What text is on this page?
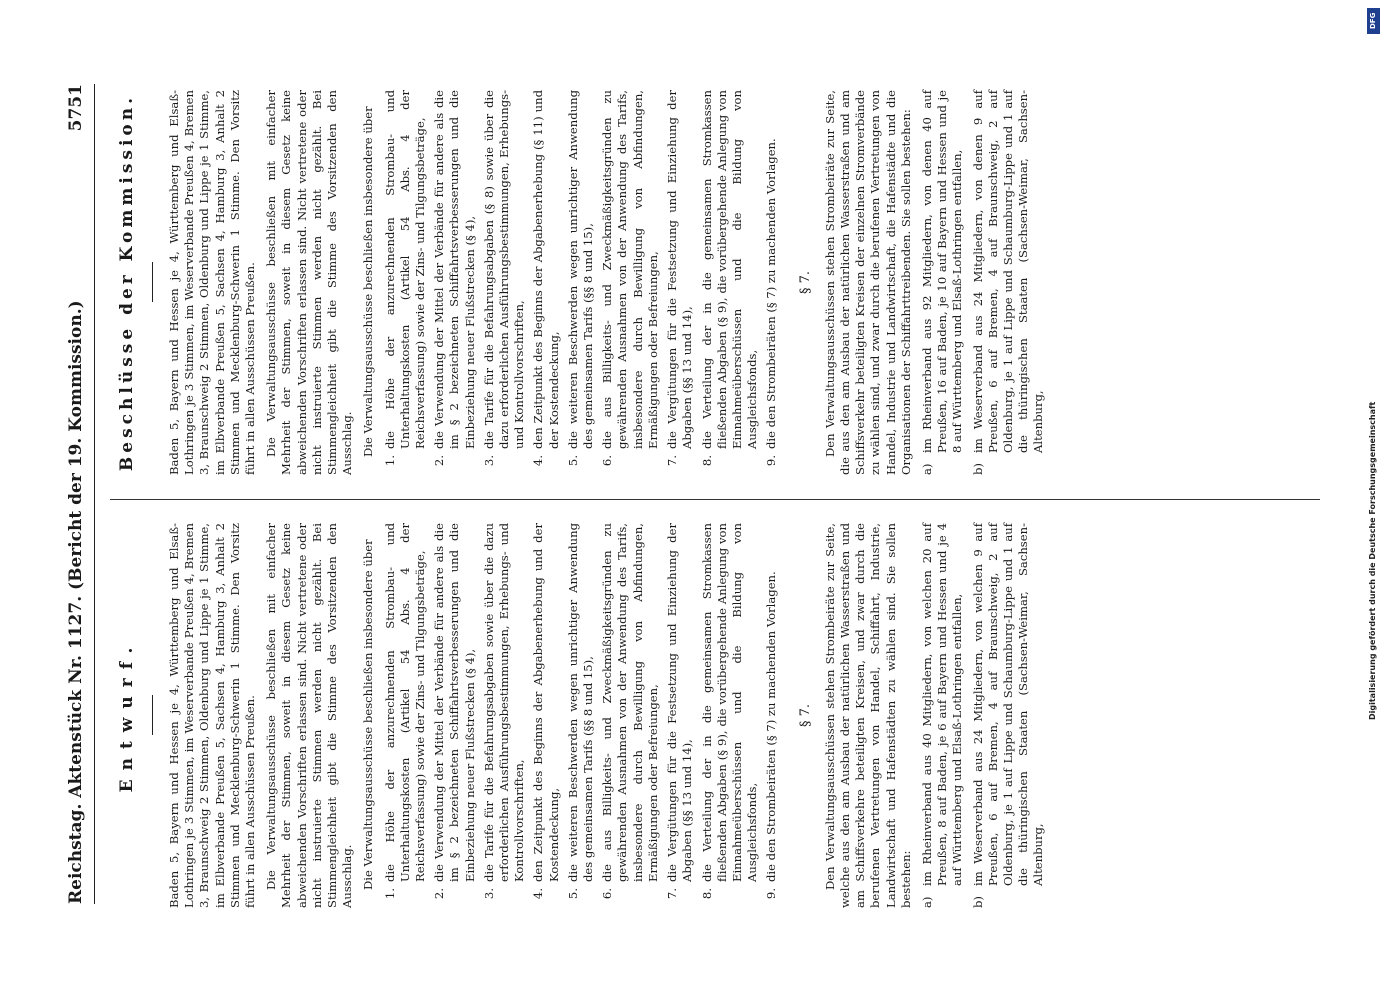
Reichstag. Aktenstück Nr. 1127. (Bericht der 19. Kommission.)
5751
Entwurf.	Baden 5, Bayern und Hessen je 4, Württemberg und Elsaß-Lothringen je 3 Stimmen, im Weserverbande Preußen 4, Bremen 3, Braunschweig 2 Stimmen, Oldenburg und Lippe je 1 Stimme, im Elbverbande Preußen 5, Sachsen 4, Hamburg 3, Anhalt 2 Stimmen und Mecklenburg-Schwerin 1 Stimme. Den Vorsitz führt in allen Ausschüssen Preußen. Die Verwaltungsausschüsse beschließen mit einfacher Mehrheit der Stimmen, soweit in diesem Gesetz keine abweichenden Vorschriften erlassen sind. Nicht vertretene oder nicht instruierte Stimmen werden nicht gezählt. Bei Stimmengleichheit gibt die Stimme des Vorsitzenden den Ausschlag. Die Verwaltungsausschüsse beschließen insbesondere über

1.
die Höhe der anzurechnenden Strombau- und Unterhaltungskosten (Artikel 54 Abs. 4 der Reichsverfassung) sowie der Zins- und Tilgungsbeträge,
2.
die Verwendung der Mittel der Verbände für andere als die im § 2 bezeichneten Schiffahrtsverbesserungen und die Einbeziehung neuer Flußstrecken (§ 4),
3.
die Tarife für die Befahrungsabgaben sowie über die dazu erforderlichen Ausführungsbestimmungen, Erhebungs- und Kontrollvorschriften,
4.
den Zeitpunkt des Beginns der Abgabenerhebung und der Kostendeckung,
5.
die weiteren Beschwerden wegen unrichtiger Anwendung des gemeinsamen Tarifs (§§ 8 und 15),
6.
die aus Billigkeits- und Zweckmäßigkeitsgründen zu gewährenden Ausnahmen von der Anwendung des Tarifs, insbesondere durch Bewilligung von Abfindungen, Ermäßigungen oder Befreiungen,
7.
die Vergütungen für die Festsetzung und Einziehung der Abgaben (§§ 13 und 14),
8.
die Verteilung der in die gemeinsamen Stromkassen fließenden Abgaben (§ 9), die vorübergehende Anlegung von Einnahmeüberschüssen und die Bildung von Ausgleichsfonds,
9.
die den Strombeiräten (§ 7) zu machenden Vorlagen. § 7. Den Verwaltungsausschüssen stehen Strombeiräte zur Seite, welche aus den am Ausbau der natürlichen Wasserstraßen und am Schiffsverkehre beteiligten Kreisen, und zwar durch die berufenen Vertretungen von Handel, Schiffahrt, Industrie, Landwirtschaft und Hafenstädten zu wählen sind. Sie sollen bestehen: a)
im Rheinverband aus 40 Mitgliedern, von welchen 20 auf Preußen, 8 auf Baden, je 6 auf Bayern und Hessen und je 4 auf Württemberg und Elsaß-Lothringen entfallen,
b)
im Weserverband aus 24 Mitgliedern, von welchen 9 auf Preußen, 6 auf Bremen, 4 auf Braunschweig, 2 auf Oldenburg, je 1 auf Lippe und Schaumburg-Lippe und 1 auf die thüringischen Staaten (Sachsen-Weimar, Sachsen-Altenburg,
Beschlüsse der Kommission.	Baden 5, Bayern und Hessen je 4, Württemberg und Elsaß-Lothringen je 3 Stimmen, im Weserverbande Preußen 4, Bremen 3, Braunschweig 2 Stimmen, Oldenburg und Lippe je 1 Stimme, im Elbverbande Preußen 5, Sachsen 4, Hamburg 3, Anhalt 2 Stimmen und Mecklenburg-Schwerin 1 Stimme. Den Vorsitz führt in allen Ausschüssen Preußen. Die Verwaltungsausschüsse beschließen mit einfacher Mehrheit der Stimmen, soweit in diesem Gesetz keine abweichenden Vorschriften erlassen sind. Nicht vertretene oder nicht instruierte Stimmen werden nicht gezählt. Bei Stimmengleichheit gibt die Stimme des Vorsitzenden den Ausschlag. Die Verwaltungsausschüsse beschließen insbesondere über

1.
die Höhe der anzurechnenden Strombau- und Unterhaltungskosten (Artikel 54 Abs. 4 der Reichsverfassung) sowie der Zins- und Tilgungsbeträge,
2.
die Verwendung der Mittel der Verbände für andere als die im § 2 bezeichneten Schiffahrtsverbesserungen und die Einbeziehung neuer Flußstrecken (§ 4),
3.
die Tarife für die Befahrungsabgaben (§ 8) sowie über die dazu erforderlichen Ausführungsbestimmungen, Erhebungs- und Kontrollvorschriften,
4.
den Zeitpunkt des Beginns der Abgabenerhebung (§ 11) und der Kostendeckung,
5.
die weiteren Beschwerden wegen unrichtiger Anwendung des gemeinsamen Tarifs (§§ 8 und 15),
6.
die aus Billigkeits- und Zweckmäßigkeitsgründen zu gewährenden Ausnahmen von der Anwendung des Tarifs, insbesondere durch Bewilligung von Abfindungen, Ermäßigungen oder Befreiungen,
7.
die Vergütungen für die Festsetzung und Einziehung der Abgaben (§§ 13 und 14),
8.
die Verteilung der in die gemeinsamen Stromkassen fließenden Abgaben (§ 9), die vorübergehende Anlegung von Einnahmeüberschüssen und die Bildung von Ausgleichsfonds,
9.
die den Strombeiräten (§ 7) zu machenden Vorlagen. § 7. Den Verwaltungsausschüssen stehen Strombeiräte zur Seite, die aus den am Ausbau der natürlichen Wasserstraßen und am Schiffsverkehr beteiligten Kreisen der einzelnen Stromverbände zu wählen sind, und zwar durch die berufenen Vertretungen von Handel, Industrie und Landwirtschaft, die Hafenstädte und die Organisationen der Schiffahrttreibenden. Sie sollen bestehen: a)
im Rheinverband aus 92 Mitgliedern, von denen 40 auf Preußen, 16 auf Baden, je 10 auf Bayern und Hessen und je 8 auf Württemberg und Elsaß-Lothringen entfallen,
b)
im Weserverband aus 24 Mitgliedern, von denen 9 auf Preußen, 6 auf Bremen, 4 auf Braunschweig, 2 auf Oldenburg, je 1 auf Lippe und Schaumburg-Lippe und 1 auf die thüringischen Staaten (Sachsen-Weimar, Sachsen-Altenburg,
DFG
Digitalisierung gefördert durch die Deutsche Forschungsgemeinschaft
